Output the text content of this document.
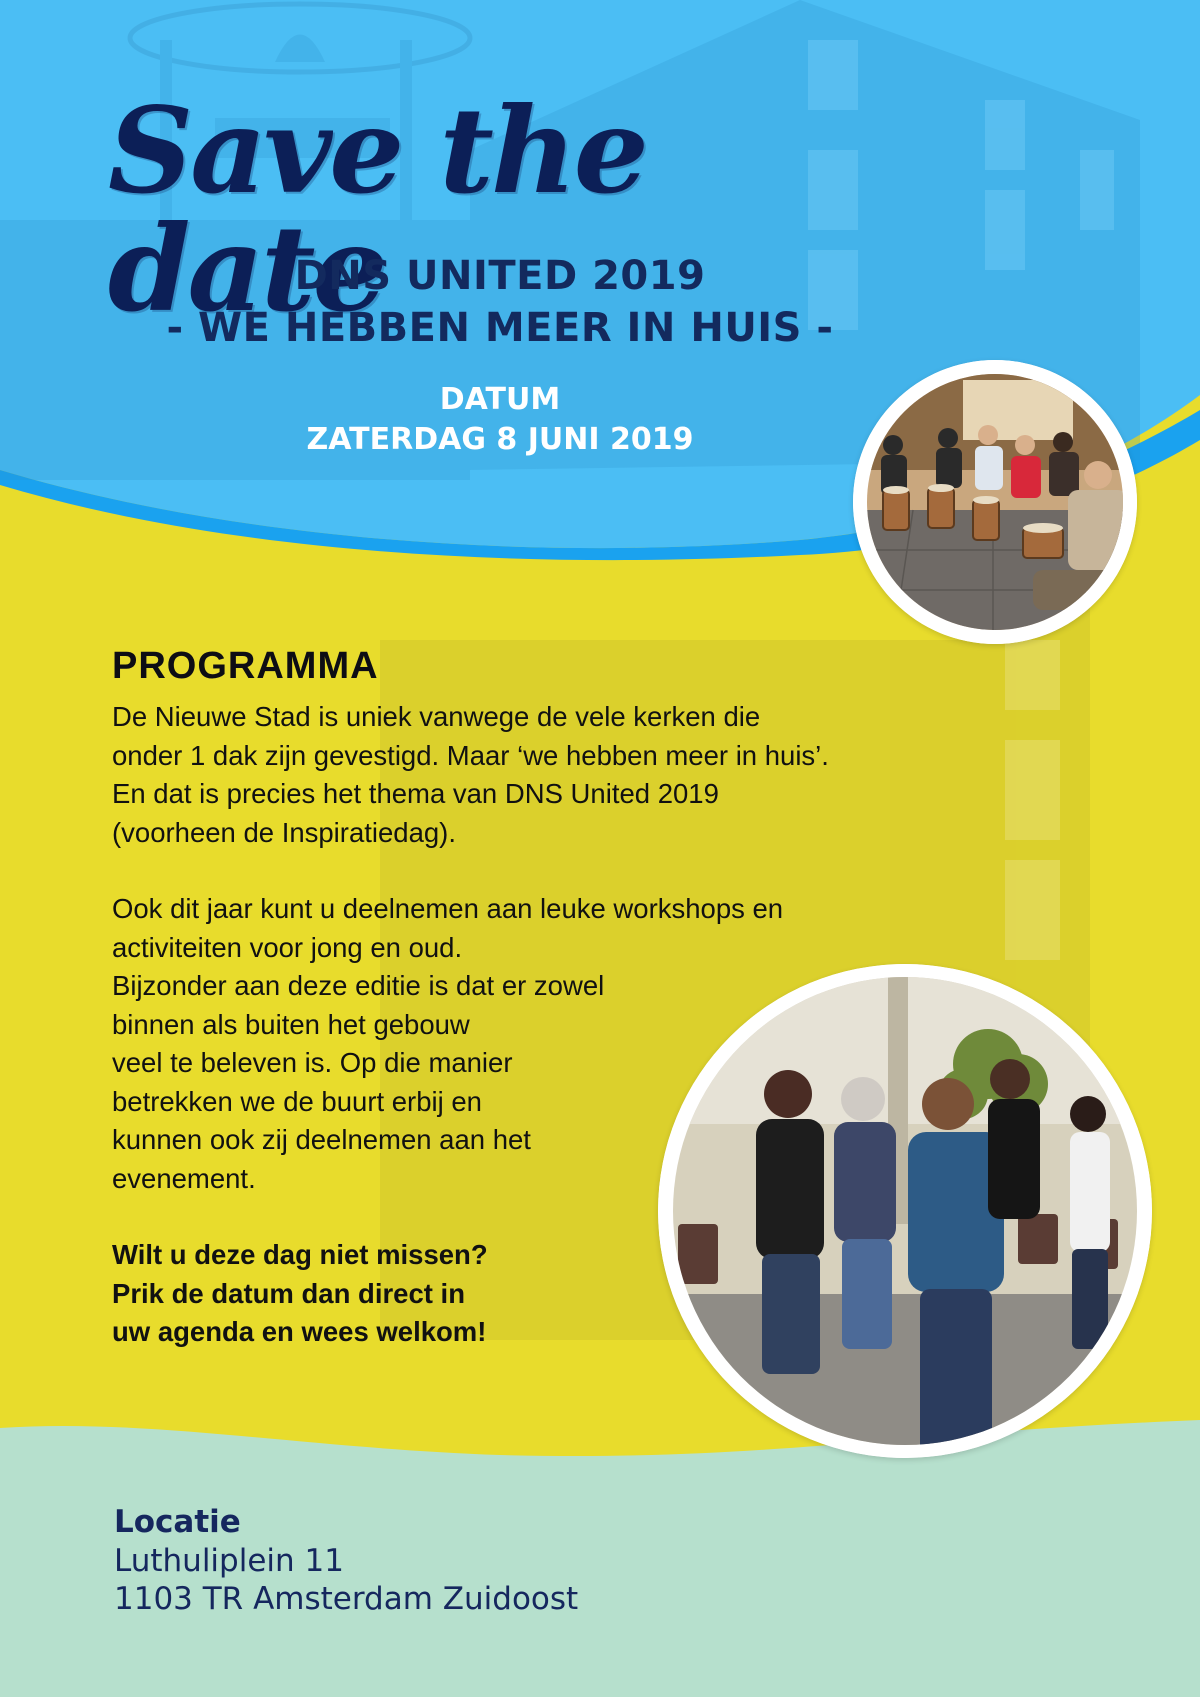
Save the date
DNS UNITED 2019
- WE HEBBEN MEER IN HUIS -
DATUM
ZATERDAG 8 JUNI 2019
PROGRAMMA

De Nieuwe Stad is uniek vanwege de vele kerken die
onder 1 dak zijn gevestigd. Maar ‘we hebben meer in huis’.
En dat is precies het thema van DNS United 2019
(voorheen de Inspiratiedag).

Ook dit jaar kunt u deelnemen aan leuke workshops en
activiteiten voor jong en oud.
Bijzonder aan deze editie is dat er zowel
binnen als buiten het gebouw
veel te beleven is. Op die manier
betrekken we de buurt erbij en
kunnen ook zij deelnemen aan het
evenement.

Wilt u deze dag niet missen?
Prik de datum dan direct in
uw agenda en wees welkom!

Locatie
Luthuliplein 11
1103 TR Amsterdam Zuidoost
